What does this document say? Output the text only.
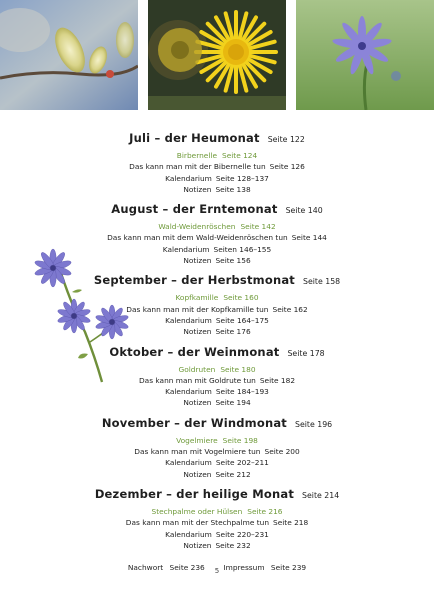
Juli – der Heumonat Seite 122
Birbernelle Seite 124
Das kann man mit der Bibernelle tun Seite 126
Kalendarium Seite 128–137
Notizen Seite 138
August – der Erntemonat Seite 140
Wald-Weidenröschen Seite 142
Das kann man mit dem Wald-Weidenröschen tun Seite 144
Kalendarium Seiten 146–155
Notizen Seite 156
September – der Herbstmonat Seite 158
Kopfkamille Seite 160
Das kann man mit der Kopfkamille tun Seite 162
Kalendarium Seite 164–175
Notizen Seite 176
Oktober – der Weinmonat Seite 178
Goldruten Seite 180
Das kann man mit Goldrute tun Seite 182
Kalendarium Seite 184–193
Notizen Seite 194
November – der Windmonat Seite 196
Vogelmiere Seite 198
Das kann man mit Vogelmiere tun Seite 200
Kalendarium Seite 202–211
Notizen Seite 212
Dezember – der heilige Monat Seite 214
Stechpalme oder Hülsen Seite 216
Das kann man mit der Stechpalme tun Seite 218
Kalendarium Seite 220–231
Notizen Seite 232
Nachwort Seite 236	Impressum Seite 239
5
